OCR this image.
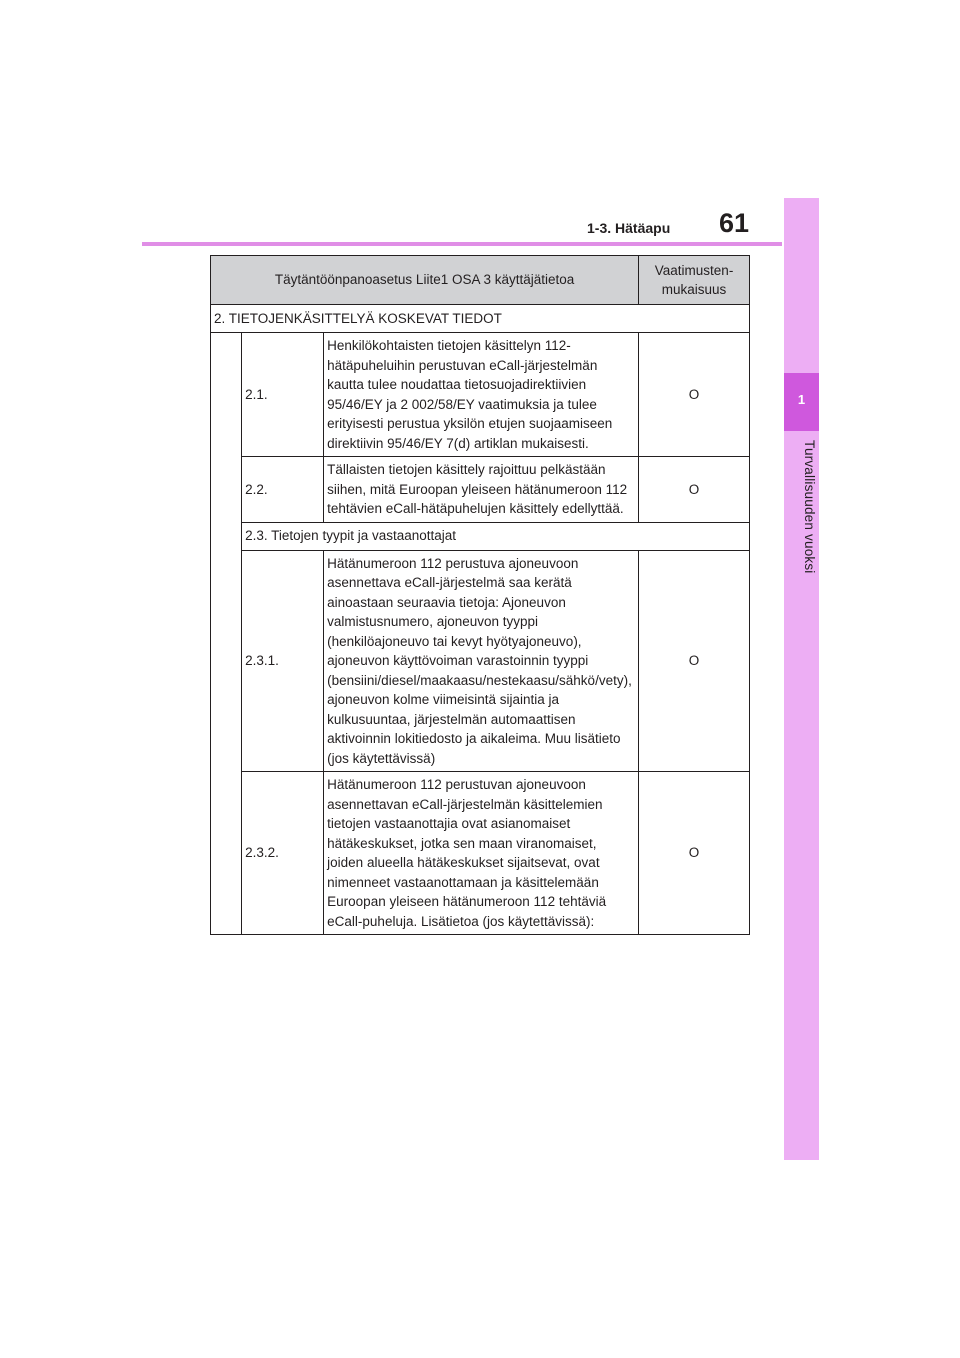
1-3. Hätäapu 61
1
Turvallisuuden vuoksi
Täytäntöönpanoasetus Liite1 OSA 3 käyttäjätietoa			Vaatimusten-mukaisuus
2. TIETOJENKÄSITTELYÄ KOSKEVAT TIEDOT			
	2.1.	Henkilökohtaisten tietojen käsittelyn 112-hätäpuheluihin perustuvan eCall-järjestelmän kautta tulee noudattaa tietosuojadirektiivien 95/46/EY ja 2 002/58/EY vaatimuksia ja tulee erityisesti perustua yksilön etujen suojaamiseen direktiivin 95/46/EY 7(d) artiklan mukaisesti.	O
	2.2.	Tällaisten tietojen käsittely rajoittuu pelkästään siihen, mitä Euroopan yleiseen hätänumeroon 112 tehtävien eCall-hätäpuhelujen käsittely edellyttää.	O
	2.3. Tietojen tyypit ja vastaanottajat		
	2.3.1.	Hätänumeroon 112 perustuva ajoneuvoon asennettava eCall-järjestelmä saa kerätä ainoastaan seuraavia tietoja: Ajoneuvon valmistusnumero, ajoneuvon tyyppi (henkilöajoneuvo tai kevyt hyötyajoneuvo), ajoneuvon käyttövoiman varastoinnin tyyppi (bensiini/diesel/maakaasu/nestekaasu/sähkö/vety), ajoneuvon kolme viimeisintä sijaintia ja kulkusuuntaa, järjestelmän automaattisen aktivoinnin lokitiedosto ja aikaleima. Muu lisätieto (jos käytettävissä)	O
	2.3.2.	Hätänumeroon 112 perustuvan ajoneuvoon asennettavan eCall-järjestelmän käsittelemien tietojen vastaanottajia ovat asianomaiset hätäkeskukset, jotka sen maan viranomaiset, joiden alueella hätäkeskukset sijaitsevat, ovat nimenneet vastaanottamaan ja käsittelemään Euroopan yleiseen hätänumeroon 112 tehtäviä eCall-puheluja. Lisätietoa (jos käytettävissä):	O
